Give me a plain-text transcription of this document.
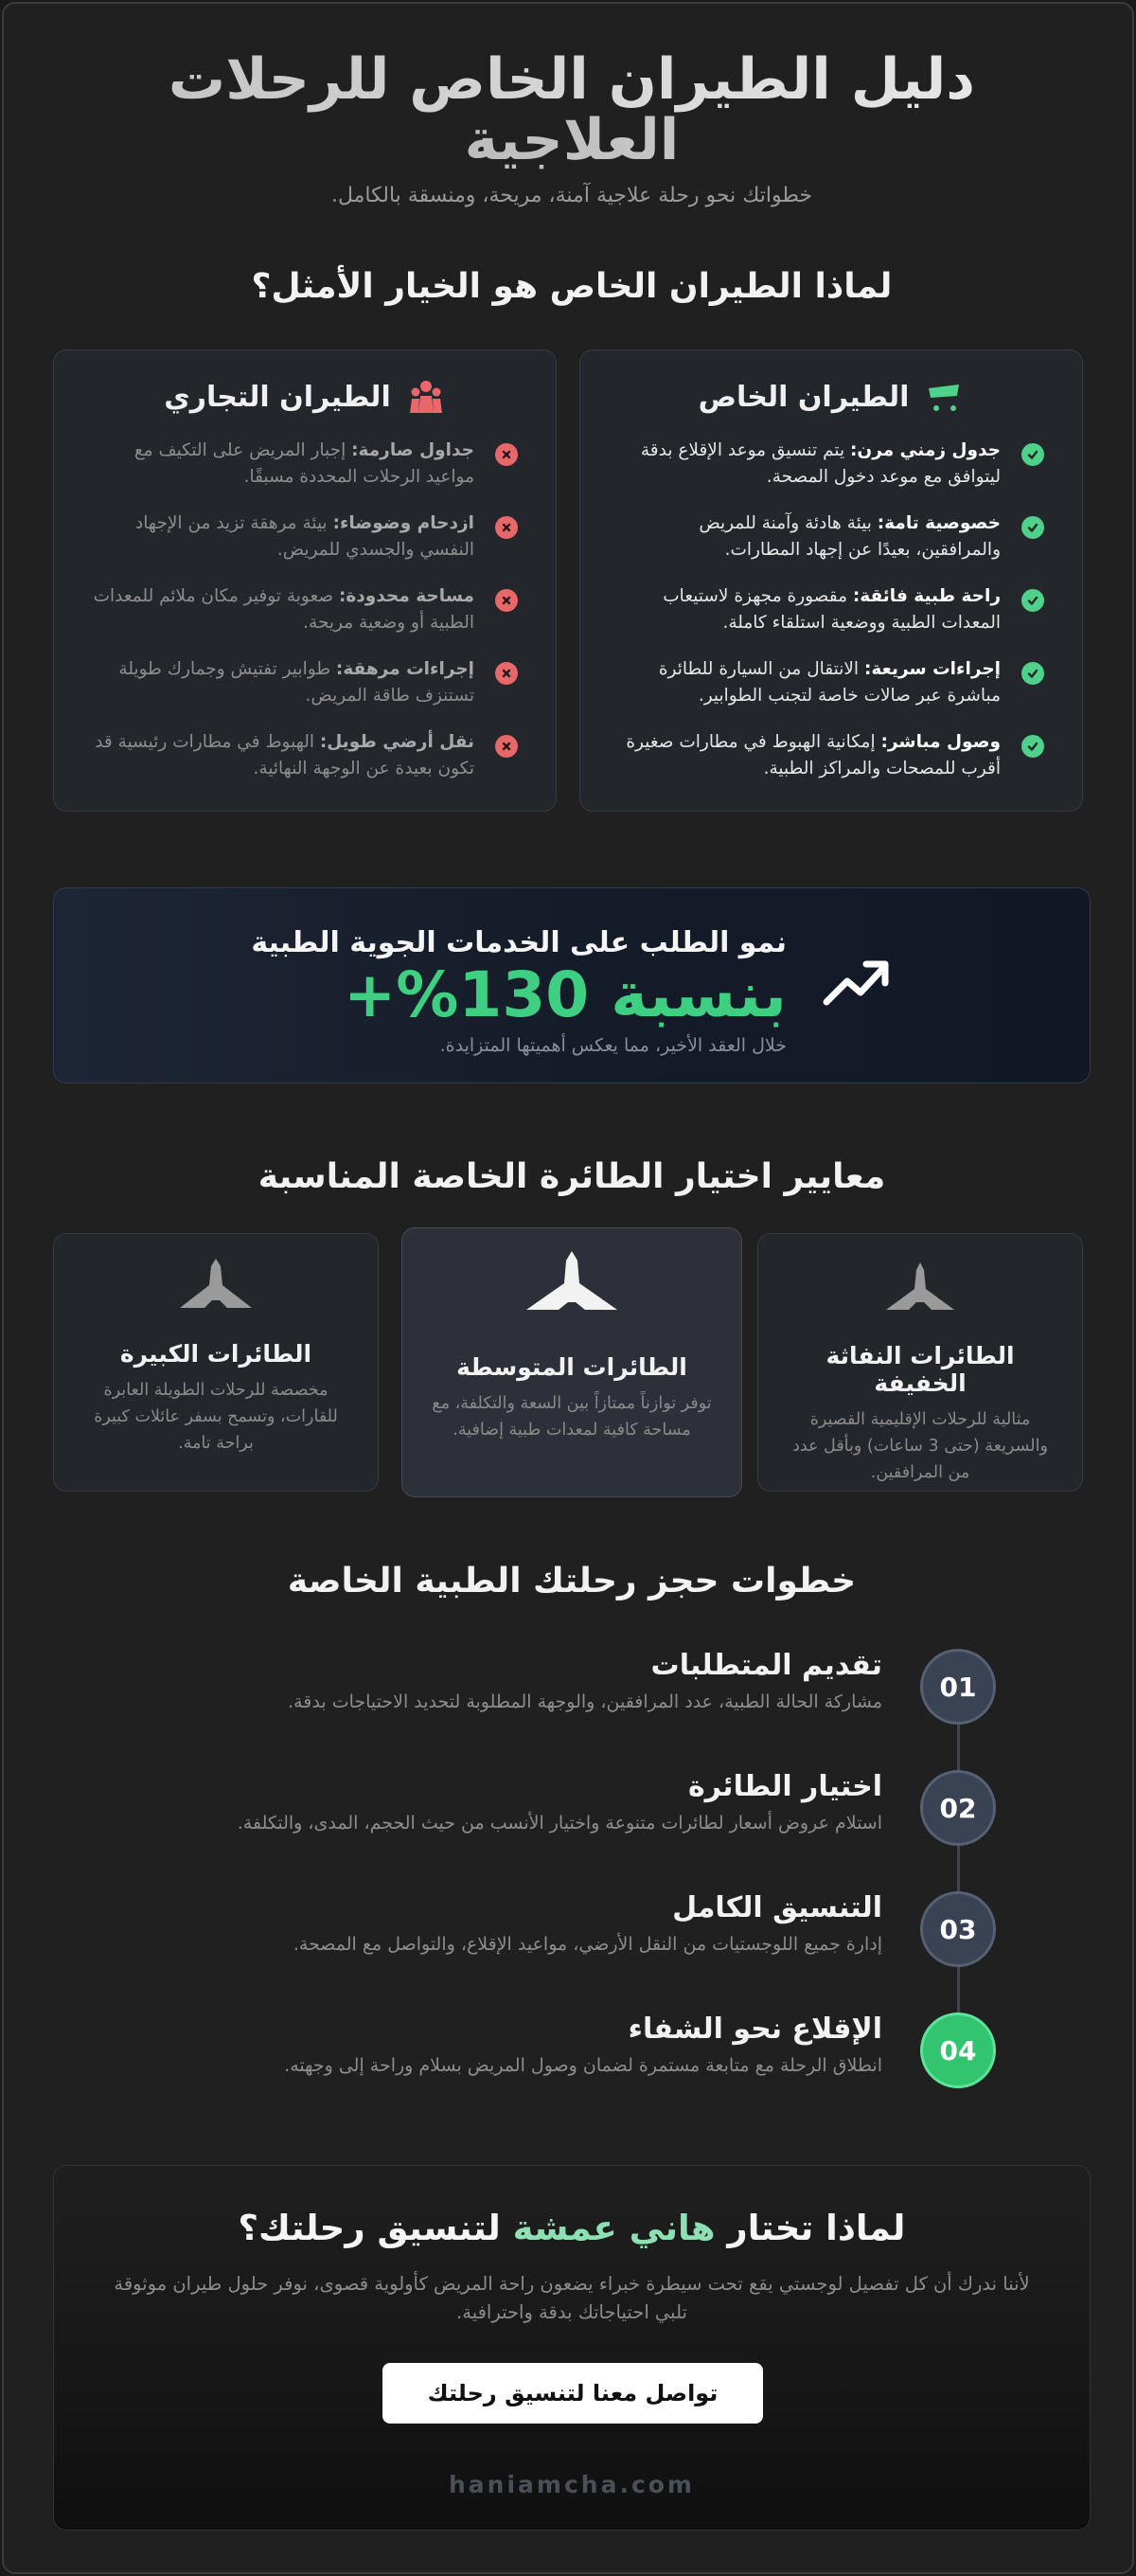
دليل الطيران الخاص للرحلات العلاجية

خطواتك نحو رحلة علاجية آمنة، مريحة، ومنسقة بالكامل.

لماذا الطيران الخاص هو الخيار الأمثل؟
الطيران الخاص
جدول زمني مرن: يتم تنسيق موعد الإقلاع بدقة ليتوافق مع موعد دخول المصحة.
خصوصية تامة: بيئة هادئة وآمنة للمريض والمرافقين، بعيدًا عن إجهاد المطارات.
راحة طبية فائقة: مقصورة مجهزة لاستيعاب المعدات الطبية ووضعية استلقاء كاملة.
إجراءات سريعة: الانتقال من السيارة للطائرة مباشرة عبر صالات خاصة لتجنب الطوابير.
وصول مباشر: إمكانية الهبوط في مطارات صغيرة أقرب للمصحات والمراكز الطبية.
الطيران التجاري
جداول صارمة: إجبار المريض على التكيف مع مواعيد الرحلات المحددة مسبقًا.
ازدحام وضوضاء: بيئة مرهقة تزيد من الإجهاد النفسي والجسدي للمريض.
مساحة محدودة: صعوبة توفير مكان ملائم للمعدات الطبية أو وضعية مريحة.
إجراءات مرهقة: طوابير تفتيش وجمارك طويلة تستنزف طاقة المريض.
نقل أرضي طويل: الهبوط في مطارات رئيسية قد تكون بعيدة عن الوجهة النهائية.
نمو الطلب على الخدمات الجوية الطبية
بنسبة 130%+
خلال العقد الأخير، مما يعكس أهميتها المتزايدة.
معايير اختيار الطائرة الخاصة المناسبة
الطائرات النفاثة الخفيفة
مثالية للرحلات الإقليمية القصيرة والسريعة (حتى 3 ساعات) وبأقل عدد من المرافقين.
الطائرات المتوسطة
توفر توازناً ممتازاً بين السعة والتكلفة، مع مساحة كافية لمعدات طبية إضافية.
الطائرات الكبيرة
مخصصة للرحلات الطويلة العابرة للقارات، وتسمح بسفر عائلات كبيرة براحة تامة.
خطوات حجز رحلتك الطبية الخاصة
01
تقديم المتطلبات
مشاركة الحالة الطبية، عدد المرافقين، والوجهة المطلوبة لتحديد الاحتياجات بدقة.
02
اختيار الطائرة
استلام عروض أسعار لطائرات متنوعة واختيار الأنسب من حيث الحجم، المدى، والتكلفة.
03
التنسيق الكامل
إدارة جميع اللوجستيات من النقل الأرضي، مواعيد الإقلاع، والتواصل مع المصحة.
04
الإقلاع نحو الشفاء
انطلاق الرحلة مع متابعة مستمرة لضمان وصول المريض بسلام وراحة إلى وجهته.
لماذا تختار هاني عمشة لتنسيق رحلتك؟

لأننا ندرك أن كل تفصيل لوجستي يقع تحت سيطرة خبراء يضعون راحة المريض كأولوية قصوى، نوفر حلول طيران موثوقة تلبي احتياجاتك بدقة واحترافية.

تواصل معنا لتنسيق رحلتك
haniamcha.com
